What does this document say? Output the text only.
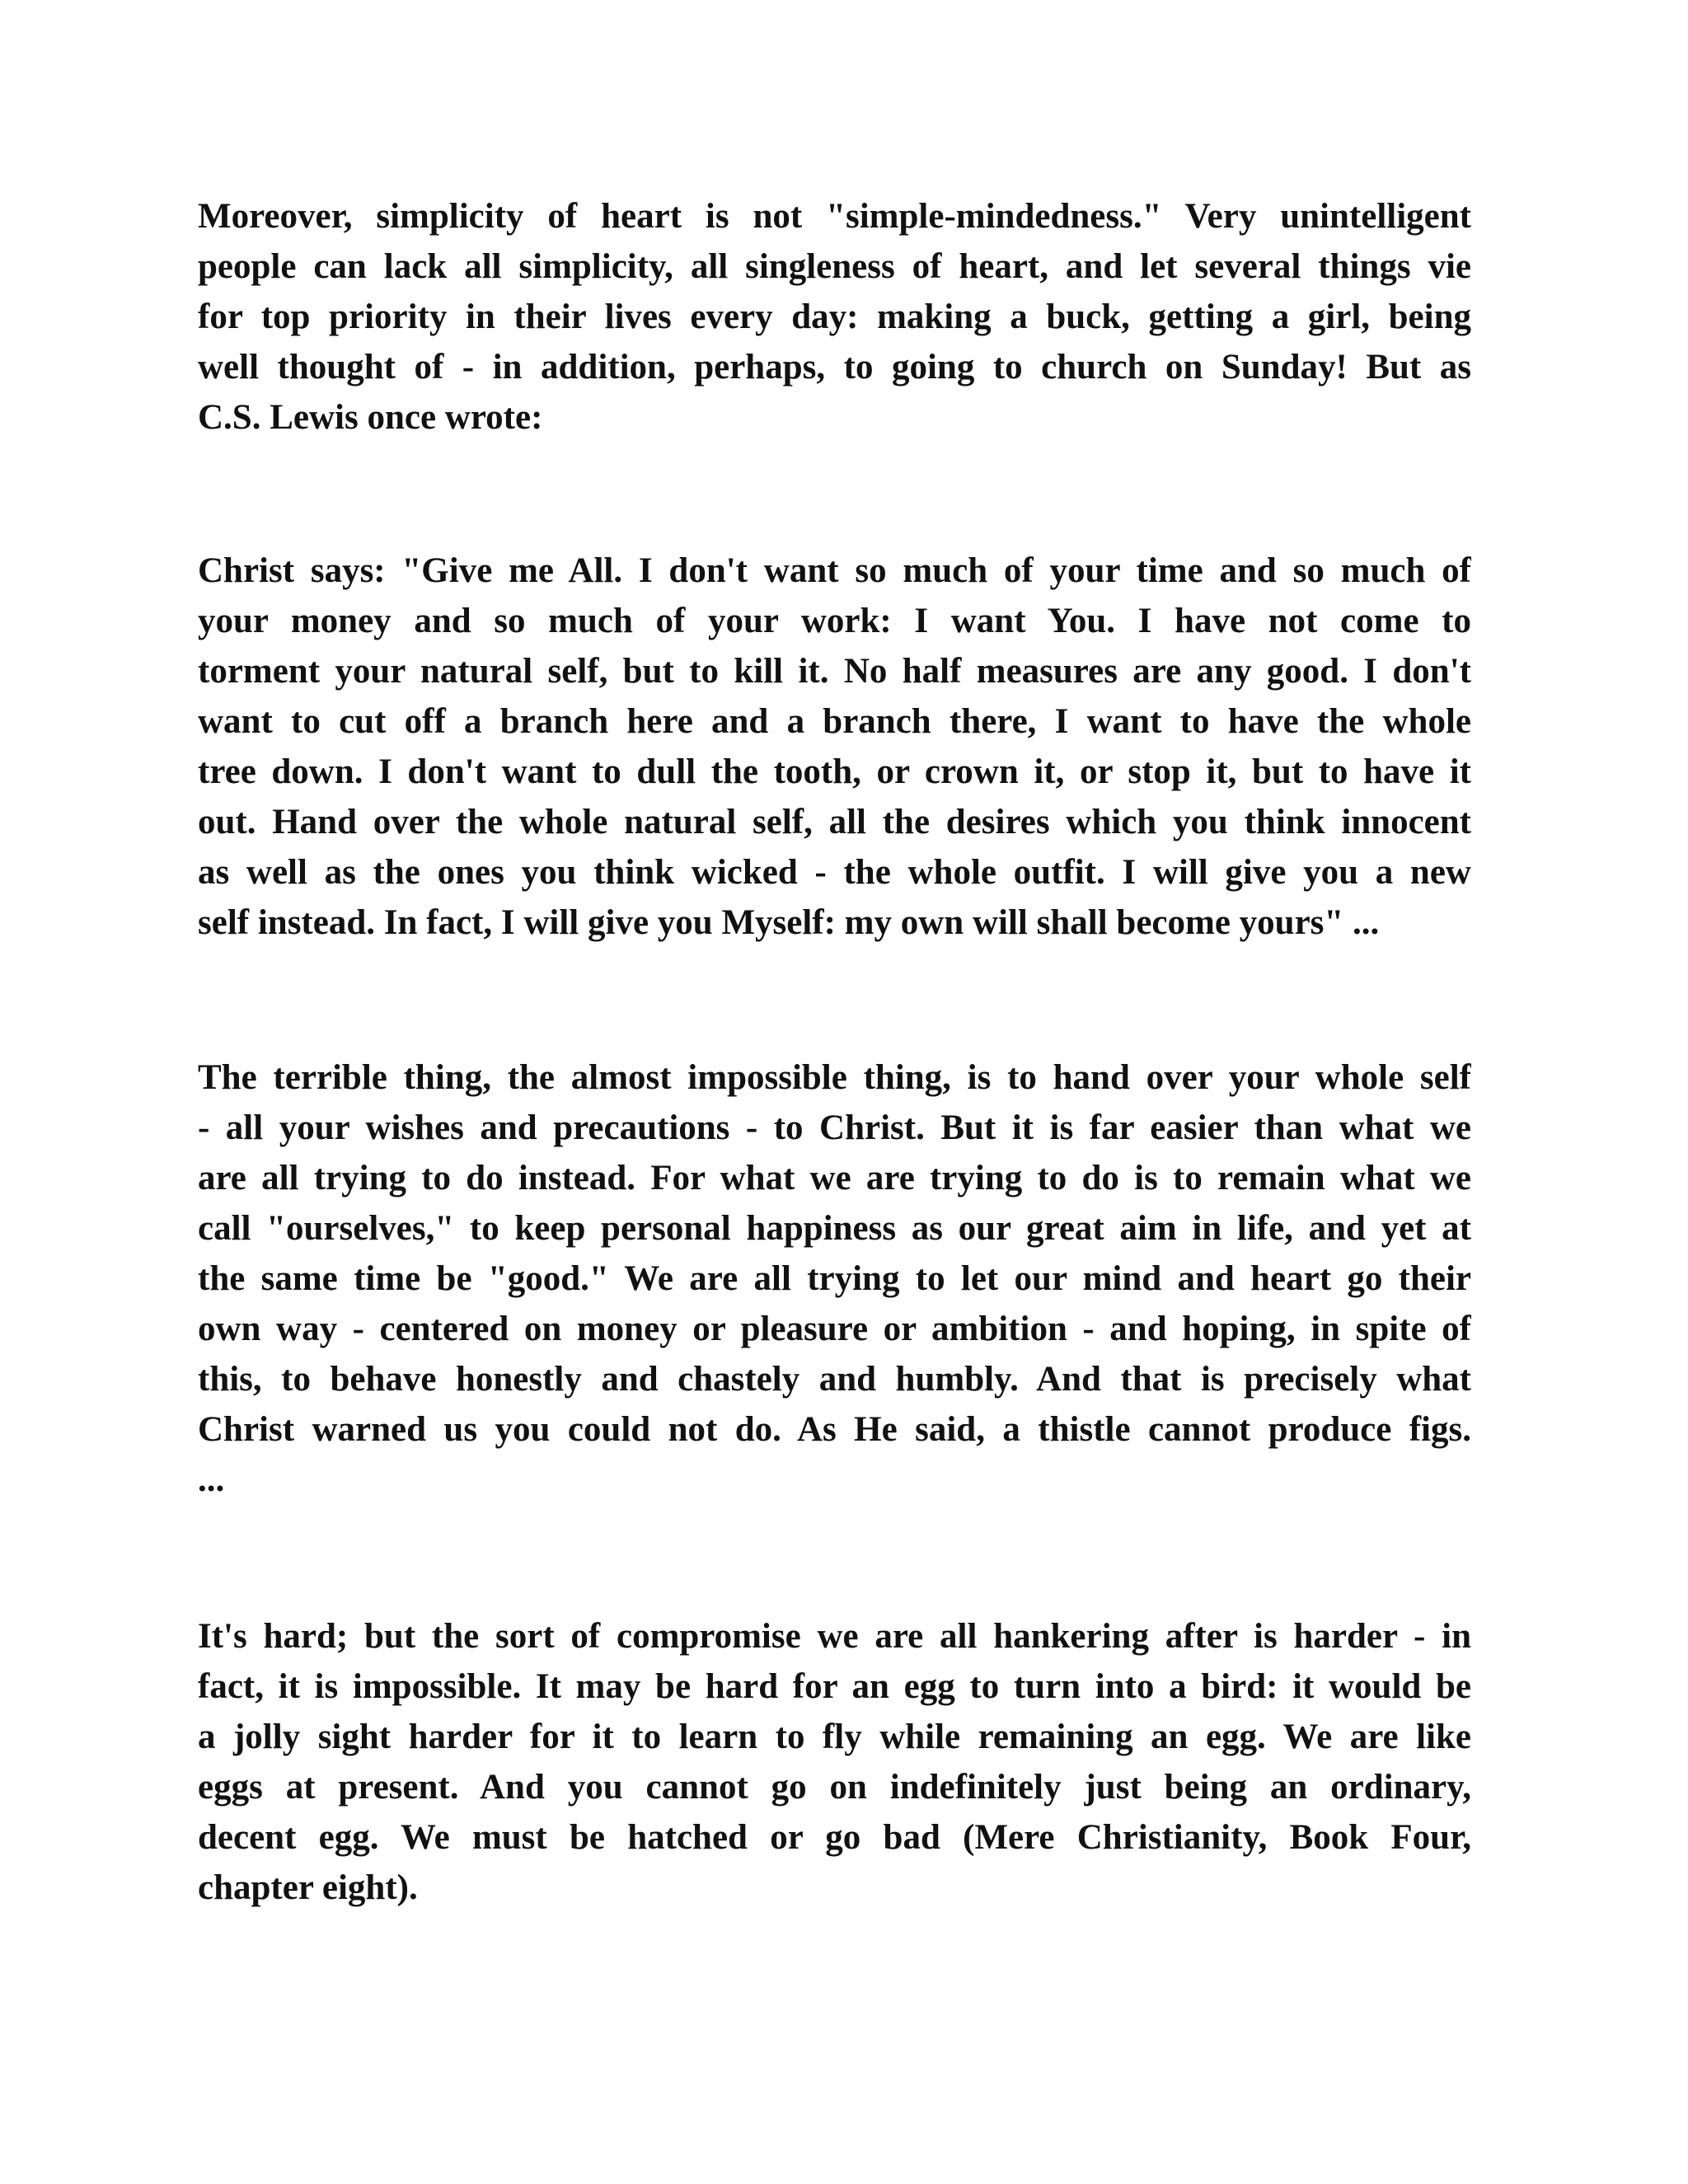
Moreover, simplicity of heart is not "simple-mindedness." Very unintelligent
people can lack all simplicity, all singleness of heart, and let several things vie
for top priority in their lives every day: making a buck, getting a girl, being
well thought of - in addition, perhaps, to going to church on Sunday! But as
C.S. Lewis once wrote:
Christ says: "Give me All. I don't want so much of your time and so much of
your money and so much of your work: I want You. I have not come to
torment your natural self, but to kill it. No half measures are any good. I don't
want to cut off a branch here and a branch there, I want to have the whole
tree down. I don't want to dull the tooth, or crown it, or stop it, but to have it
out. Hand over the whole natural self, all the desires which you think innocent
as well as the ones you think wicked - the whole outfit. I will give you a new
self instead. In fact, I will give you Myself: my own will shall become yours" ...
The terrible thing, the almost impossible thing, is to hand over your whole self
- all your wishes and precautions - to Christ. But it is far easier than what we
are all trying to do instead. For what we are trying to do is to remain what we
call "ourselves," to keep personal happiness as our great aim in life, and yet at
the same time be "good." We are all trying to let our mind and heart go their
own way - centered on money or pleasure or ambition - and hoping, in spite of
this, to behave honestly and chastely and humbly. And that is precisely what
Christ warned us you could not do. As He said, a thistle cannot produce figs.
...
It's hard; but the sort of compromise we are all hankering after is harder - in
fact, it is impossible. It may be hard for an egg to turn into a bird: it would be
a jolly sight harder for it to learn to fly while remaining an egg. We are like
eggs at present. And you cannot go on indefinitely just being an ordinary,
decent egg. We must be hatched or go bad (Mere Christianity, Book Four,
chapter eight).
